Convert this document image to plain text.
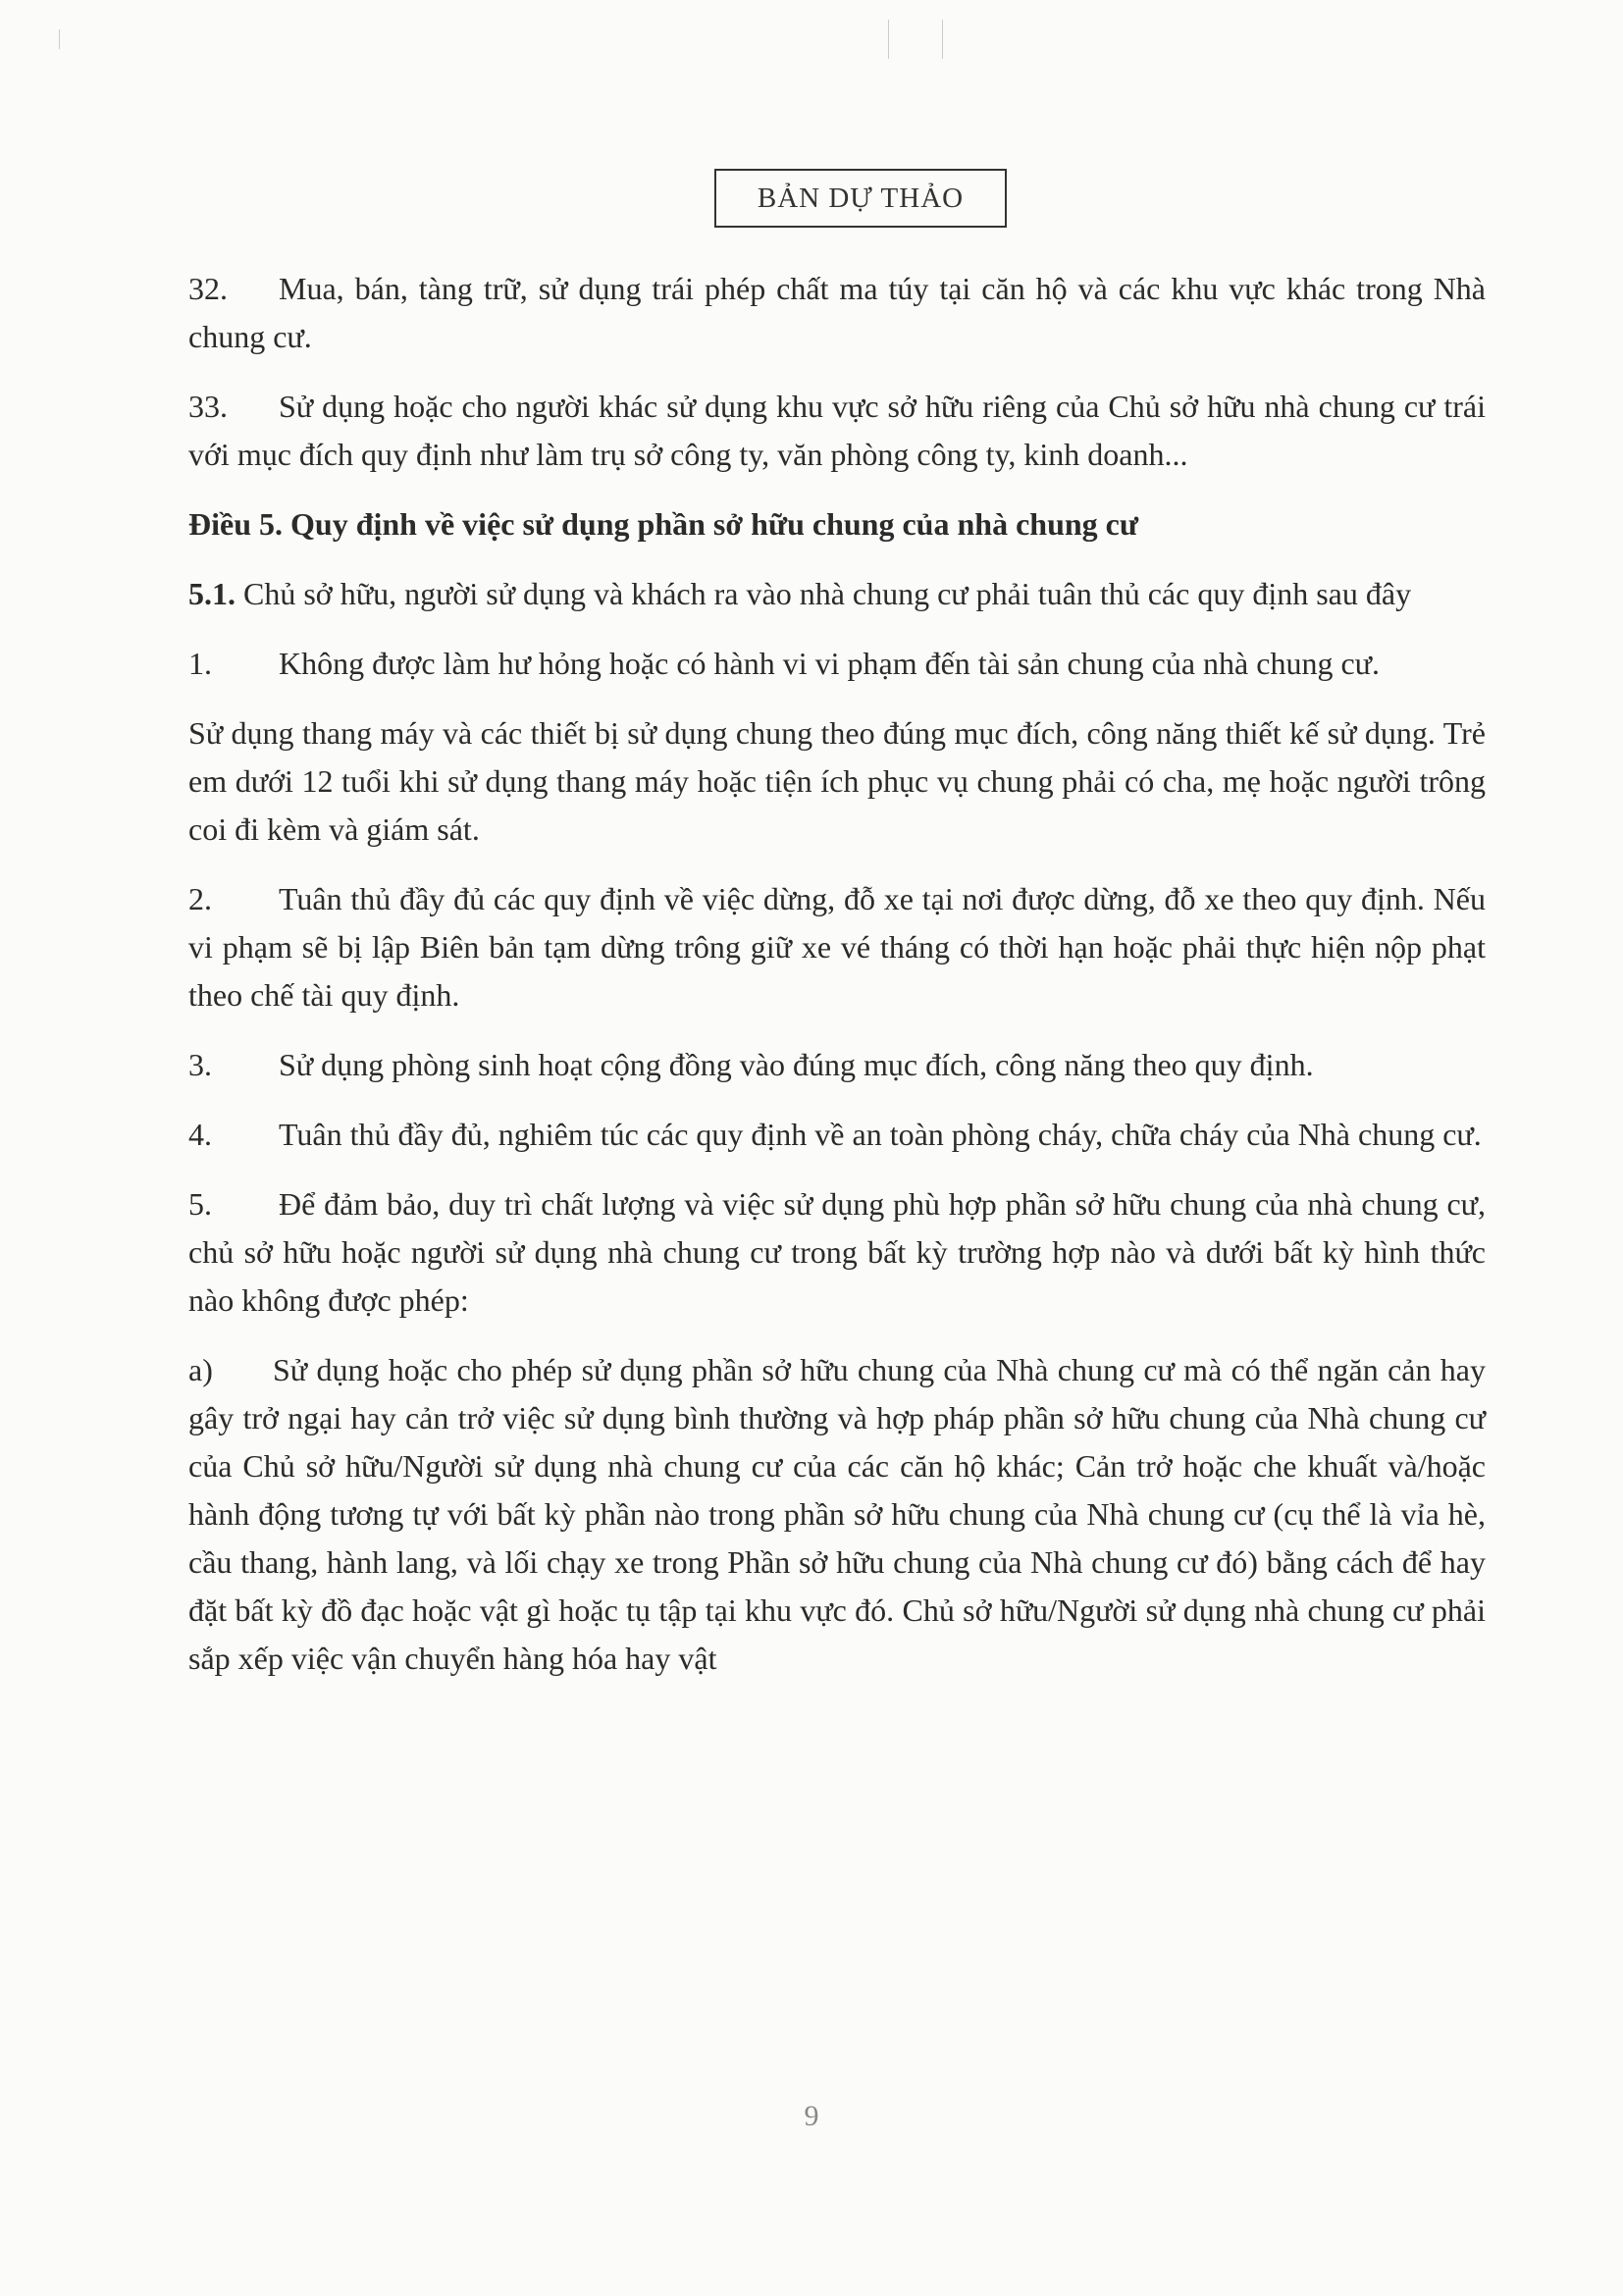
BẢN DỰ THẢO

32. Mua, bán, tàng trữ, sử dụng trái phép chất ma túy tại căn hộ và các khu vực khác trong Nhà chung cư.

33. Sử dụng hoặc cho người khác sử dụng khu vực sở hữu riêng của Chủ sở hữu nhà chung cư trái với mục đích quy định như làm trụ sở công ty, văn phòng công ty, kinh doanh...

Điều 5. Quy định về việc sử dụng phần sở hữu chung của nhà chung cư

5.1. Chủ sở hữu, người sử dụng và khách ra vào nhà chung cư phải tuân thủ các quy định sau đây

1. Không được làm hư hỏng hoặc có hành vi vi phạm đến tài sản chung của nhà chung cư.

Sử dụng thang máy và các thiết bị sử dụng chung theo đúng mục đích, công năng thiết kế sử dụng. Trẻ em dưới 12 tuổi khi sử dụng thang máy hoặc tiện ích phục vụ chung phải có cha, mẹ hoặc người trông coi đi kèm và giám sát.

2. Tuân thủ đầy đủ các quy định về việc dừng, đỗ xe tại nơi được dừng, đỗ xe theo quy định. Nếu vi phạm sẽ bị lập Biên bản tạm dừng trông giữ xe vé tháng có thời hạn hoặc phải thực hiện nộp phạt theo chế tài quy định.

3. Sử dụng phòng sinh hoạt cộng đồng vào đúng mục đích, công năng theo quy định.

4. Tuân thủ đầy đủ, nghiêm túc các quy định về an toàn phòng cháy, chữa cháy của Nhà chung cư.

5. Để đảm bảo, duy trì chất lượng và việc sử dụng phù hợp phần sở hữu chung của nhà chung cư, chủ sở hữu hoặc người sử dụng nhà chung cư trong bất kỳ trường hợp nào và dưới bất kỳ hình thức nào không được phép:

a) Sử dụng hoặc cho phép sử dụng phần sở hữu chung của Nhà chung cư mà có thể ngăn cản hay gây trở ngại hay cản trở việc sử dụng bình thường và hợp pháp phần sở hữu chung của Nhà chung cư của Chủ sở hữu/Người sử dụng nhà chung cư của các căn hộ khác; Cản trở hoặc che khuất và/hoặc hành động tương tự với bất kỳ phần nào trong phần sở hữu chung của Nhà chung cư (cụ thể là vỉa hè, cầu thang, hành lang, và lối chạy xe trong Phần sở hữu chung của Nhà chung cư đó) bằng cách để hay đặt bất kỳ đồ đạc hoặc vật gì hoặc tụ tập tại khu vực đó. Chủ sở hữu/Người sử dụng nhà chung cư phải sắp xếp việc vận chuyển hàng hóa hay vật

9
